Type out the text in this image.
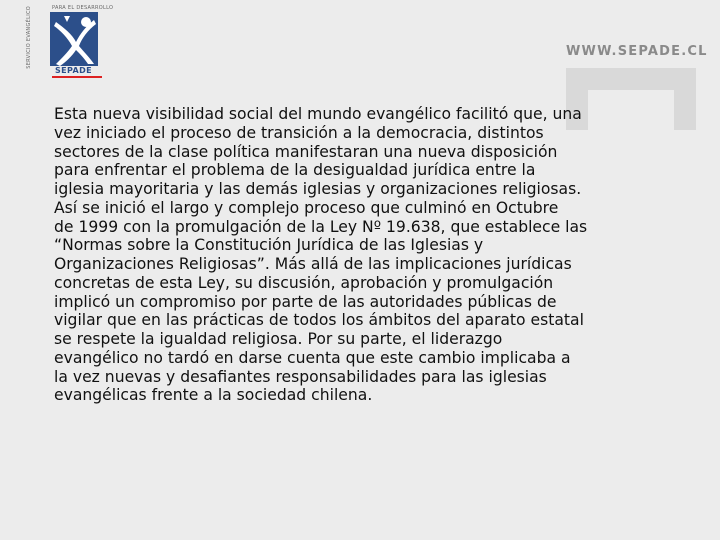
SERVICIO EVANGÉLICO	PARA EL DESARROLLO
SEPADE
WWW.SEPADE.CL

Esta nueva visibilidad social del mundo evangélico facilitó que, una
vez iniciado el proceso de transición a la democracia, distintos
sectores de la clase política manifestaran una nueva disposición
para enfrentar el problema de la desigualdad jurídica entre la
iglesia mayoritaria y las demás iglesias y organizaciones religiosas.
Así se inició el largo y complejo proceso que culminó en Octubre
de 1999 con la promulgación de la Ley Nº 19.638, que establece las
“Normas sobre la Constitución Jurídica de las Iglesias y
Organizaciones Religiosas”. Más allá de las implicaciones jurídicas
concretas de esta Ley, su discusión, aprobación y promulgación
implicó un compromiso por parte de las autoridades públicas de
vigilar que en las prácticas de todos los ámbitos del aparato estatal
se respete la igualdad religiosa. Por su parte, el liderazgo
evangélico no tardó en darse cuenta que este cambio implicaba a
la vez nuevas y desafiantes responsabilidades para las iglesias
evangélicas frente a la sociedad chilena.
